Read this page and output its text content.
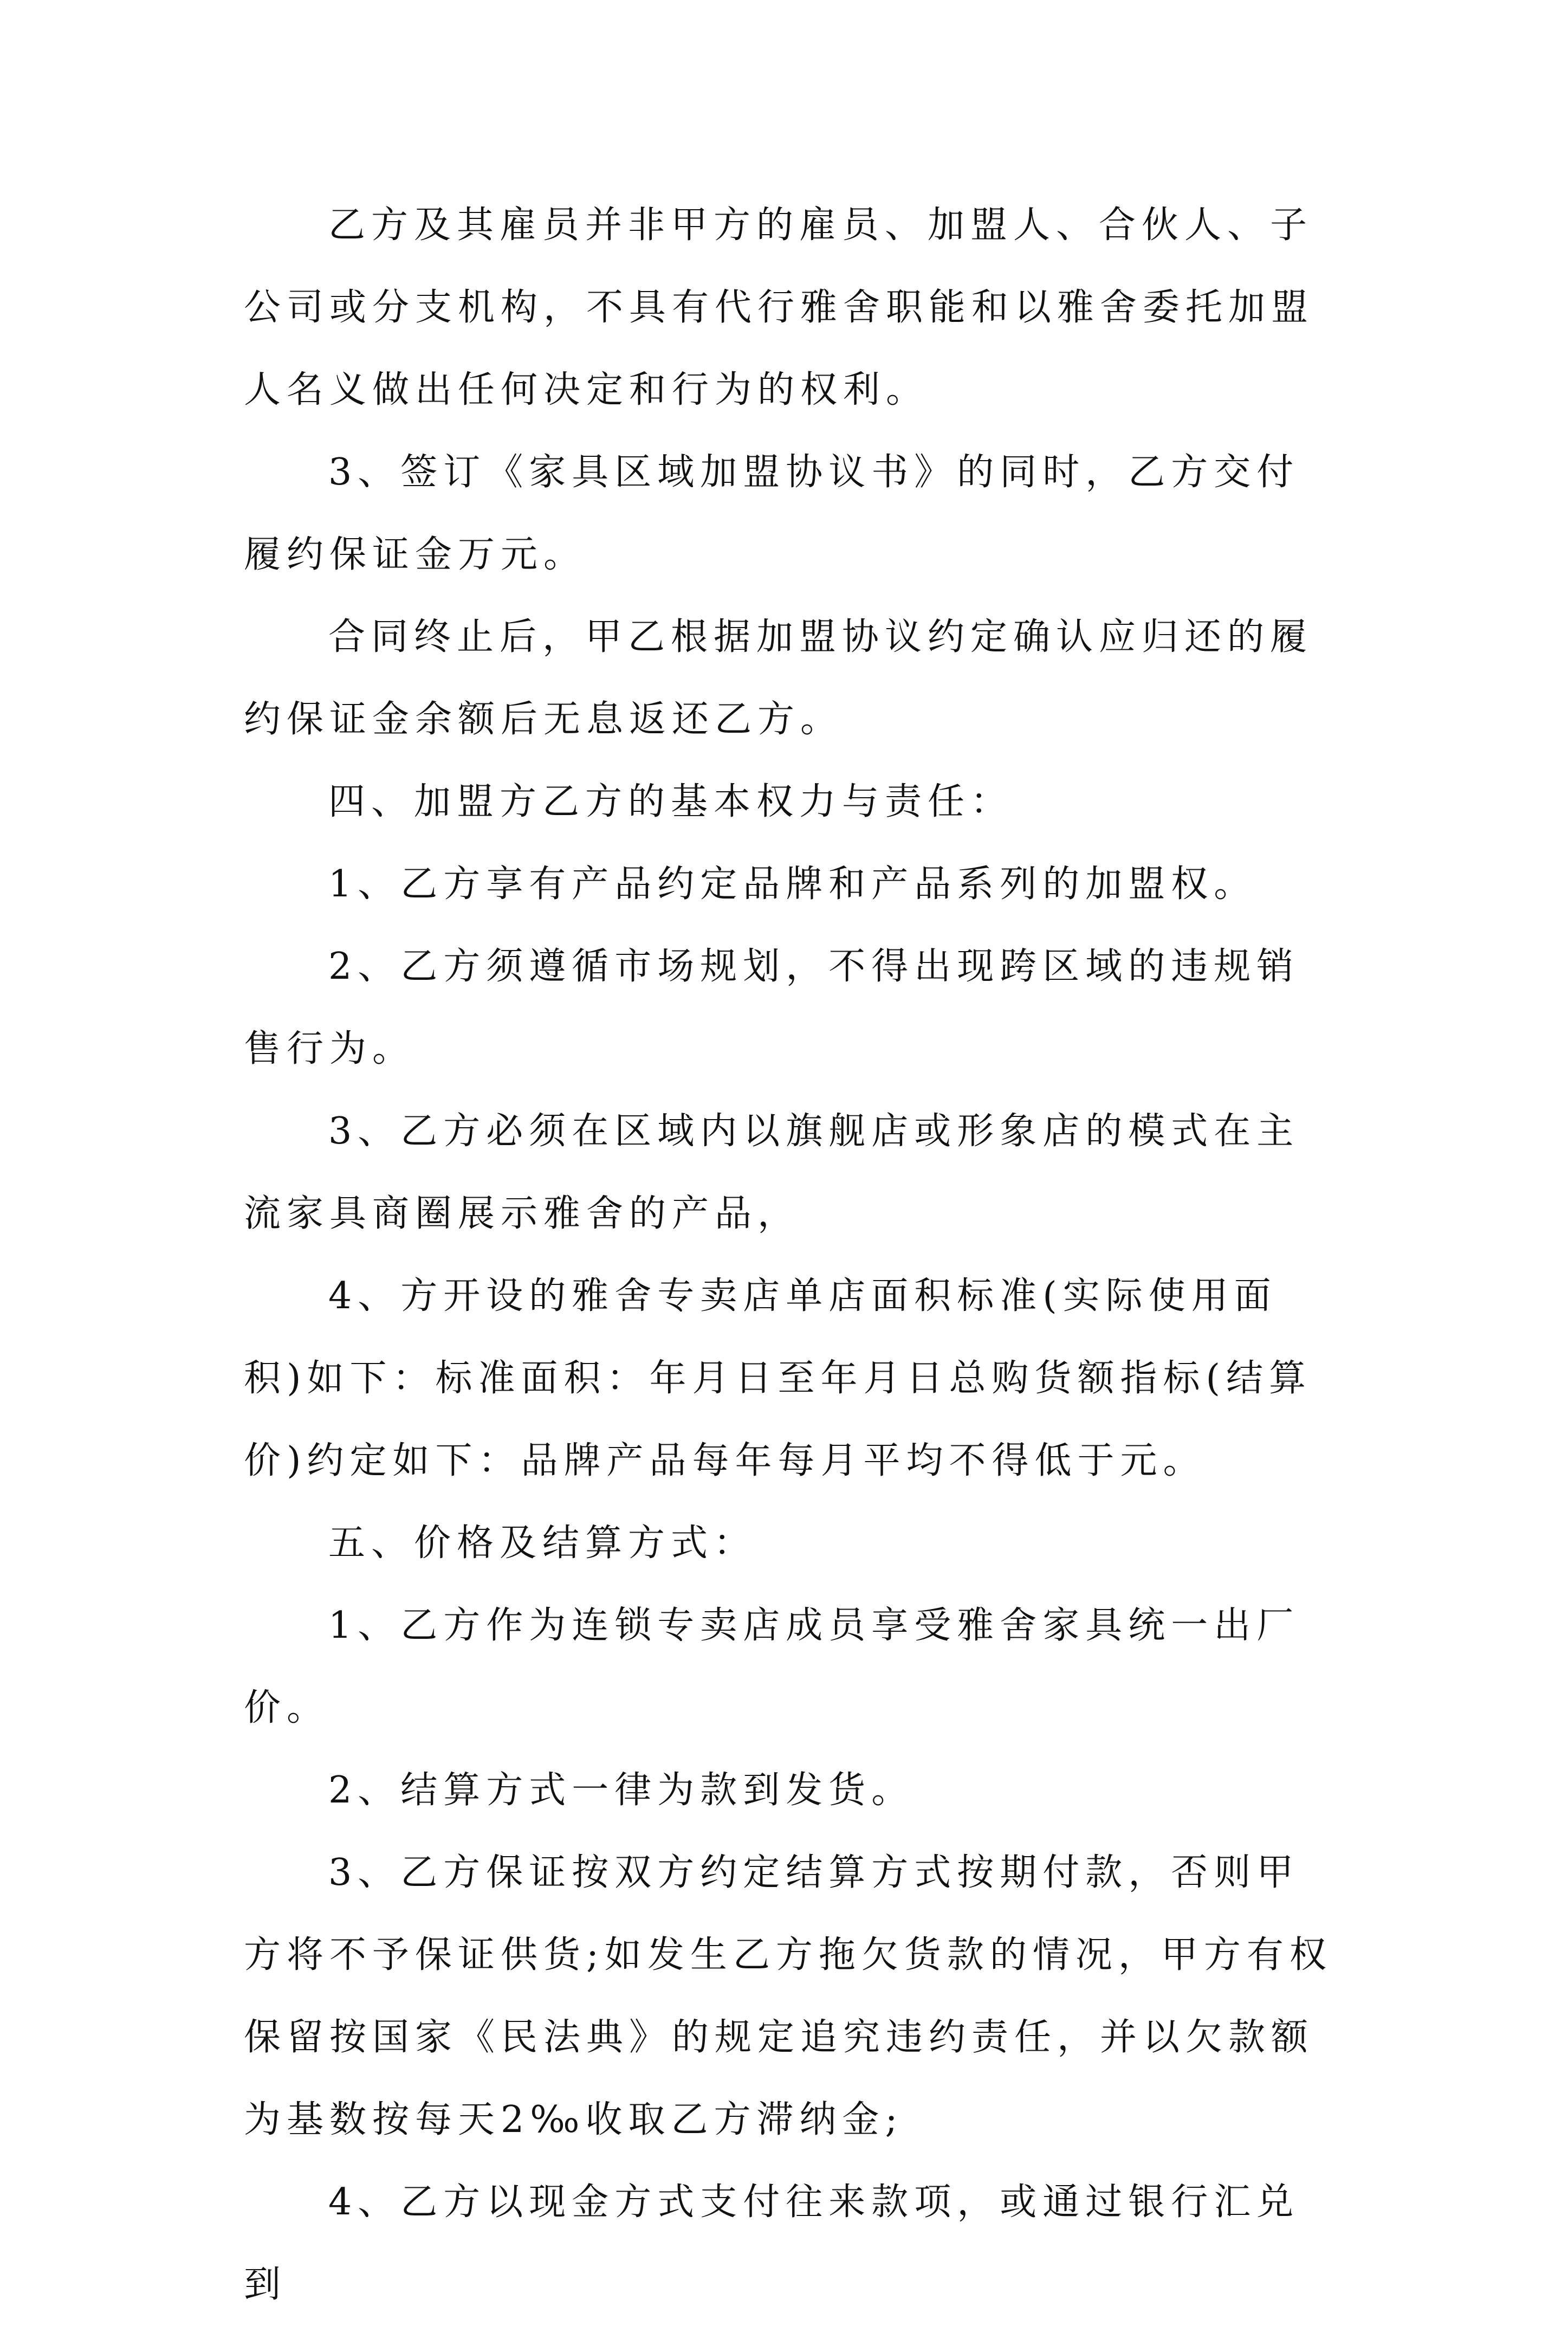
乙方及其雇员并非甲方的雇员、加盟人、合伙人、子公司或分支机构，不具有代行雅舍职能和以雅舍委托加盟人名义做出任何决定和行为的权利。

3、签订《家具区域加盟协议书》的同时，乙方交付履约保证金万元。

合同终止后，甲乙根据加盟协议约定确认应归还的履约保证金余额后无息返还乙方。

四、加盟方乙方的基本权力与责任：

1、乙方享有产品约定品牌和产品系列的加盟权。

2、乙方须遵循市场规划，不得出现跨区域的违规销售行为。

3、乙方必须在区域内以旗舰店或形象店的模式在主流家具商圈展示雅舍的产品，

4、方开设的雅舍专卖店单店面积标准(实际使用面积)如下：标准面积：年月日至年月日总购货额指标(结算价)约定如下：品牌产品每年每月平均不得低于元。

五、价格及结算方式：

1、乙方作为连锁专卖店成员享受雅舍家具统一出厂价。

2、结算方式一律为款到发货。

3、乙方保证按双方约定结算方式按期付款，否则甲方将不予保证供货;如发生乙方拖欠货款的情况，甲方有权保留按国家《民法典》的规定追究违约责任，并以欠款额为基数按每天2‰收取乙方滞纳金;

4、乙方以现金方式支付往来款项，或通过银行汇兑到
